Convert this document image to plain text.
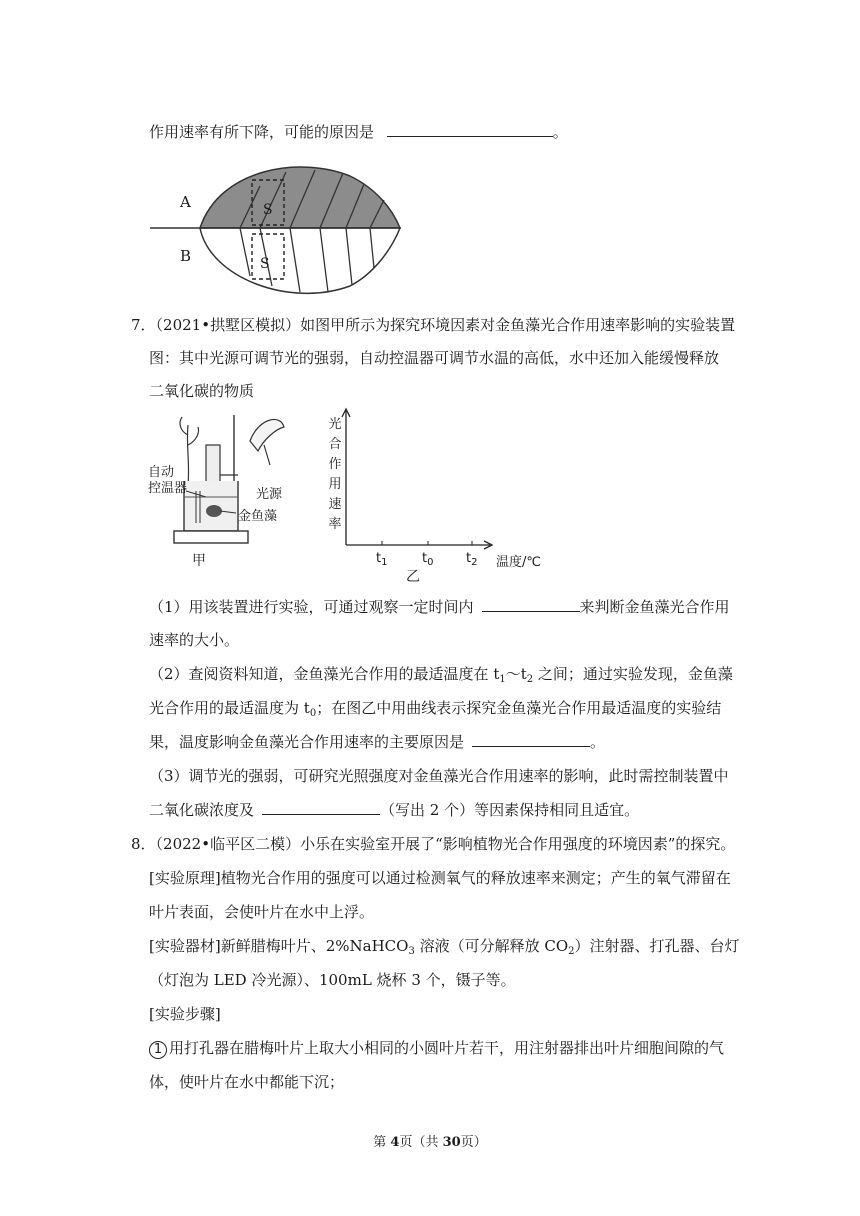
作用速率有所下降，可能的原因是	。
A
B
S
S
7．（2021•拱墅区模拟）如图甲所示为探究环境因素对金鱼藻光合作用速率影响的实验装置
图：其中光源可调节光的强弱，自动控温器可调节水温的高低，水中还加入能缓慢释放
二氧化碳的物质
自动
控温器	光源
金鱼藻
甲
光
合
作
用
速
率
$t_1$	$t_0$	$t_2$ 温度/℃
乙
（1）用该装置进行实验，可通过观察一定时间内	来判断金鱼藻光合作用
速率的大小。
（2）查阅资料知道，金鱼藻光合作用的最适温度在 $t_1\sim t_2$ 之间；通过实验发现，金鱼藻
光合作用的最适温度为 $t_0$；在图乙中用曲线表示探究金鱼藻光合作用最适温度的实验结
果，温度影响金鱼藻光合作用速率的主要原因是	。
（3）调节光的强弱，可研究光照强度对金鱼藻光合作用速率的影响，此时需控制装置中
二氧化碳浓度及	（写出 2 个）等因素保持相同且适宜。
8．（2022•临平区二模）小乐在实验室开展了“影响植物光合作用强度的环境因素”的探究。
[实验原理]植物光合作用的强度可以通过检测氧气的释放速率来测定；产生的氧气滞留在
叶片表面，会使叶片在水中上浮。
[实验器材]新鲜腊梅叶片、2%NaHCO$_3$ 溶液（可分解释放 $CO_2$）注射器、打孔器、台灯
（灯泡为 LED 冷光源）、100mL 烧杯 3 个，镊子等。
[实验步骤]
1 用打孔器在腊梅叶片上取大小相同的小圆叶片若干，用注射器排出叶片细胞间隙的气
体，使叶片在水中都能下沉；
第 4页（共 30页）
